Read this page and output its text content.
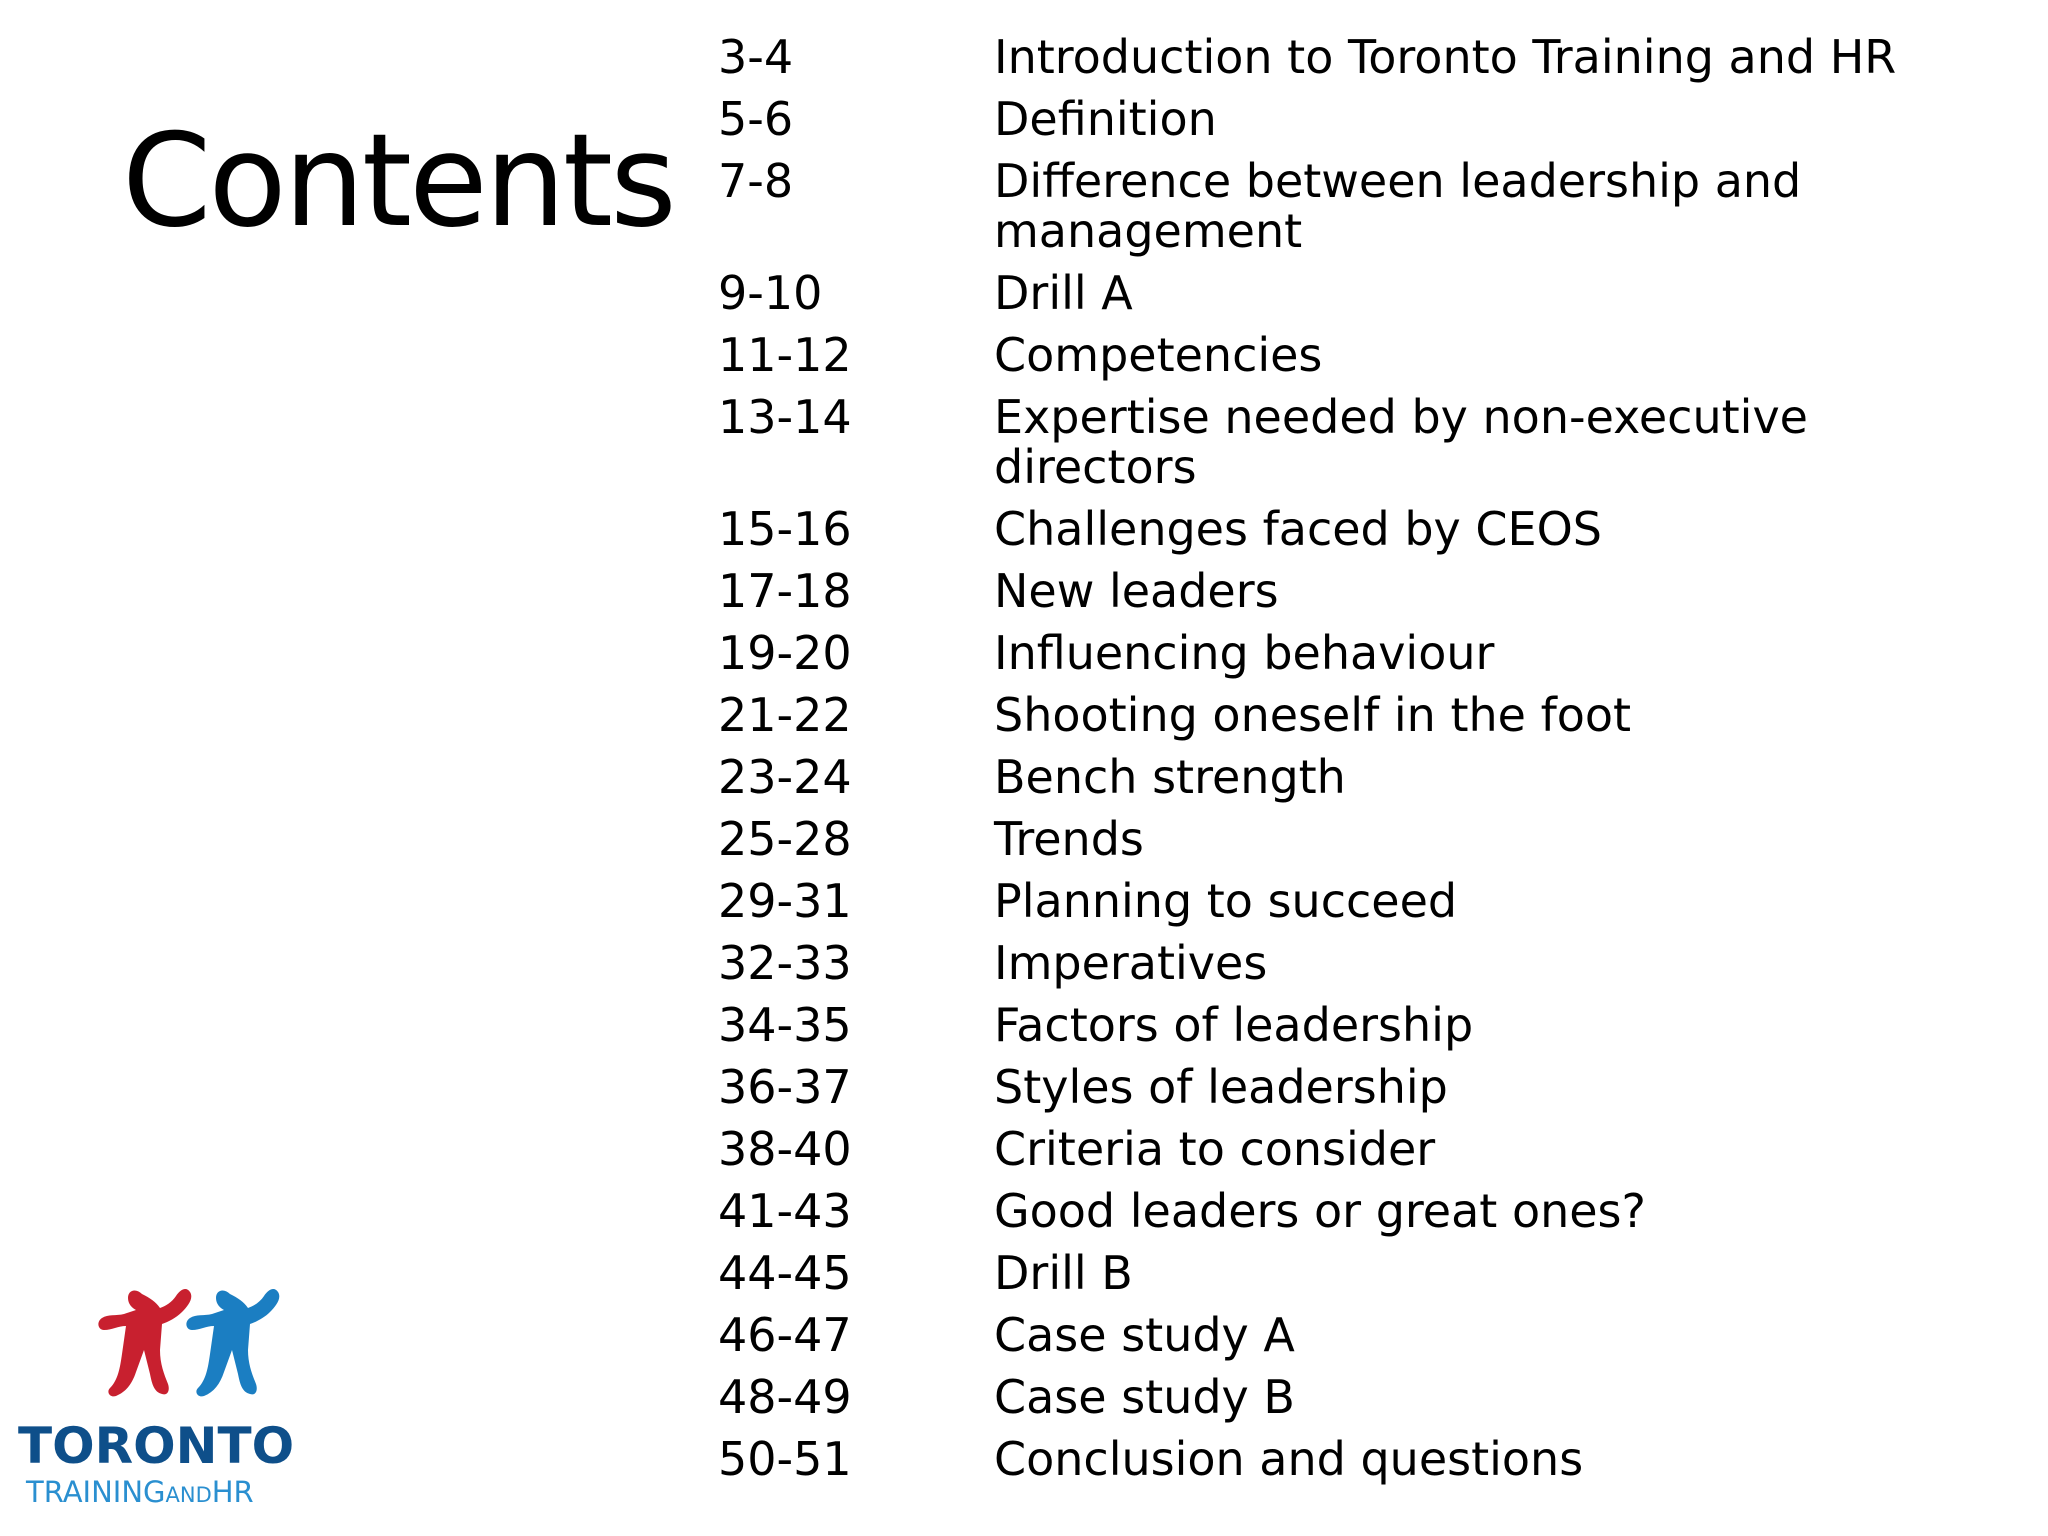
Contents
3-4	Introduction to Toronto Training and HR
5-6	Definition
7-8	Difference between leadership and management
9-10	Drill A
11-12	Competencies
13-14	Expertise needed by non-executive directors
15-16	Challenges faced by CEOS
17-18	New leaders
19-20	Influencing behaviour
21-22	Shooting oneself in the foot
23-24	Bench strength
25-28	Trends
29-31	Planning to succeed
32-33	Imperatives
34-35	Factors of leadership
36-37	Styles of leadership
38-40	Criteria to consider
41-43	Good leaders or great ones?
44-45	Drill B
46-47	Case study A
48-49	Case study B
50-51	Conclusion and questions
TORONTO
TRAININGANDHR
